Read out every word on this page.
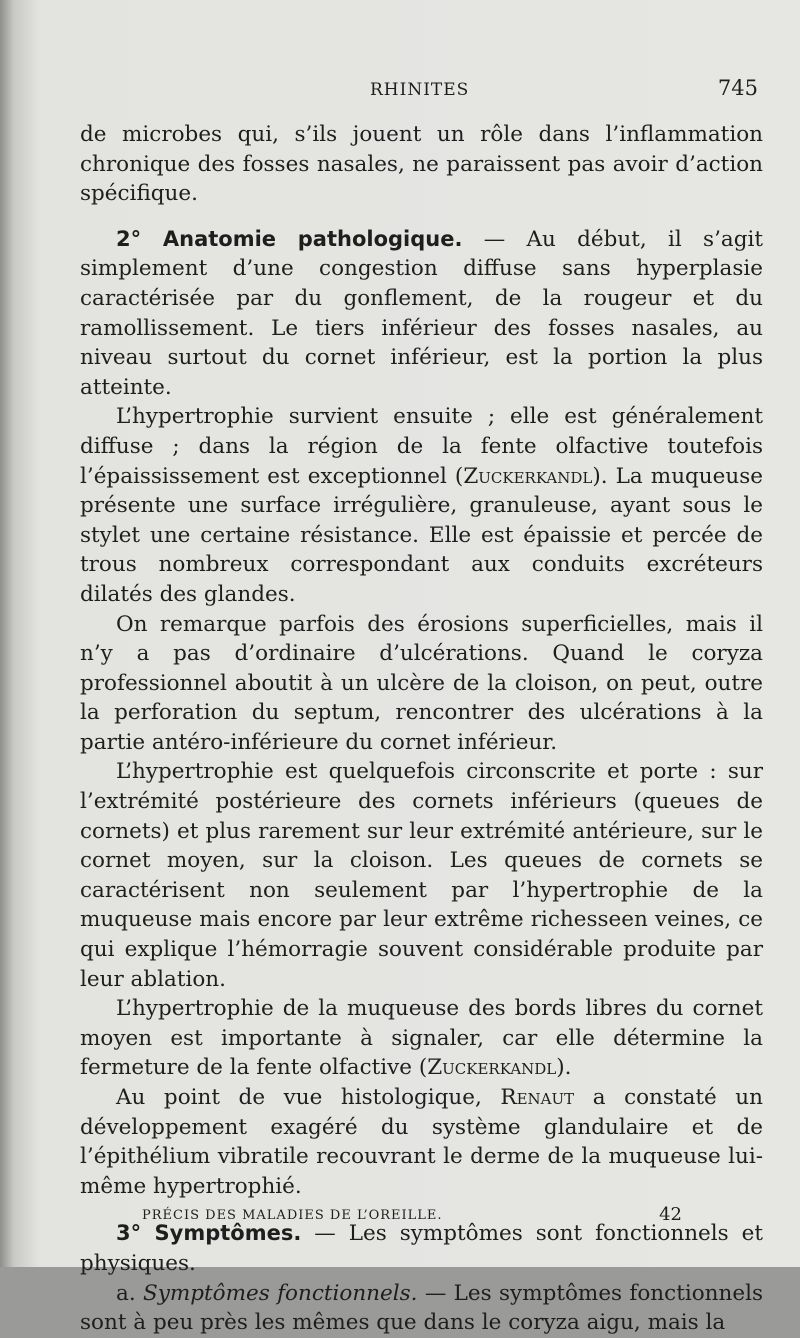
RHINITES	745

de microbes qui, s’ils jouent un rôle dans l’inflammation chronique des fosses nasales, ne paraissent pas avoir d’action spécifique.

2° Anatomie pathologique. — Au début, il s’agit simplement d’une congestion diffuse sans hyperplasie caractérisée par du gonflement, de la rougeur et du ramollissement. Le tiers inférieur des fosses nasales, au niveau surtout du cornet inférieur, est la portion la plus atteinte.

L’hypertrophie survient ensuite ; elle est généralement diffuse ; dans la région de la fente olfactive toutefois l’épaississement est exceptionnel (Zuckerkandl). La muqueuse présente une surface irrégulière, granuleuse, ayant sous le stylet une certaine résistance. Elle est épaissie et percée de trous nombreux correspondant aux conduits excréteurs dilatés des glandes.

On remarque parfois des érosions superficielles, mais il n’y a pas d’ordinaire d’ulcérations. Quand le coryza professionnel aboutit à un ulcère de la cloison, on peut, outre la perforation du septum, rencontrer des ulcérations à la partie antéro-inférieure du cornet inférieur.

L’hypertrophie est quelquefois circonscrite et porte : sur l’extrémité postérieure des cornets inférieurs (queues de cornets) et plus rarement sur leur extrémité antérieure, sur le cornet moyen, sur la cloison. Les queues de cornets se caractérisent non seulement par l’hypertrophie de la muqueuse mais encore par leur extrême richesseen veines, ce qui explique l’hémorragie souvent considérable produite par leur ablation.

L’hypertrophie de la muqueuse des bords libres du cornet moyen est importante à signaler, car elle détermine la fermeture de la fente olfactive (Zuckerkandl).

Au point de vue histologique, Renaut a constaté un développement exagéré du système glandulaire et de l’épithélium vibratile recouvrant le derme de la muqueuse lui-même hypertrophié.

3° Symptômes. — Les symptômes sont fonctionnels et physiques.

a. Symptômes fonctionnels. — Les symptômes fonctionnels sont à peu près les mêmes que dans le coryza aigu, mais la

PRÉCIS DES MALADIES DE L’OREILLE.	42
